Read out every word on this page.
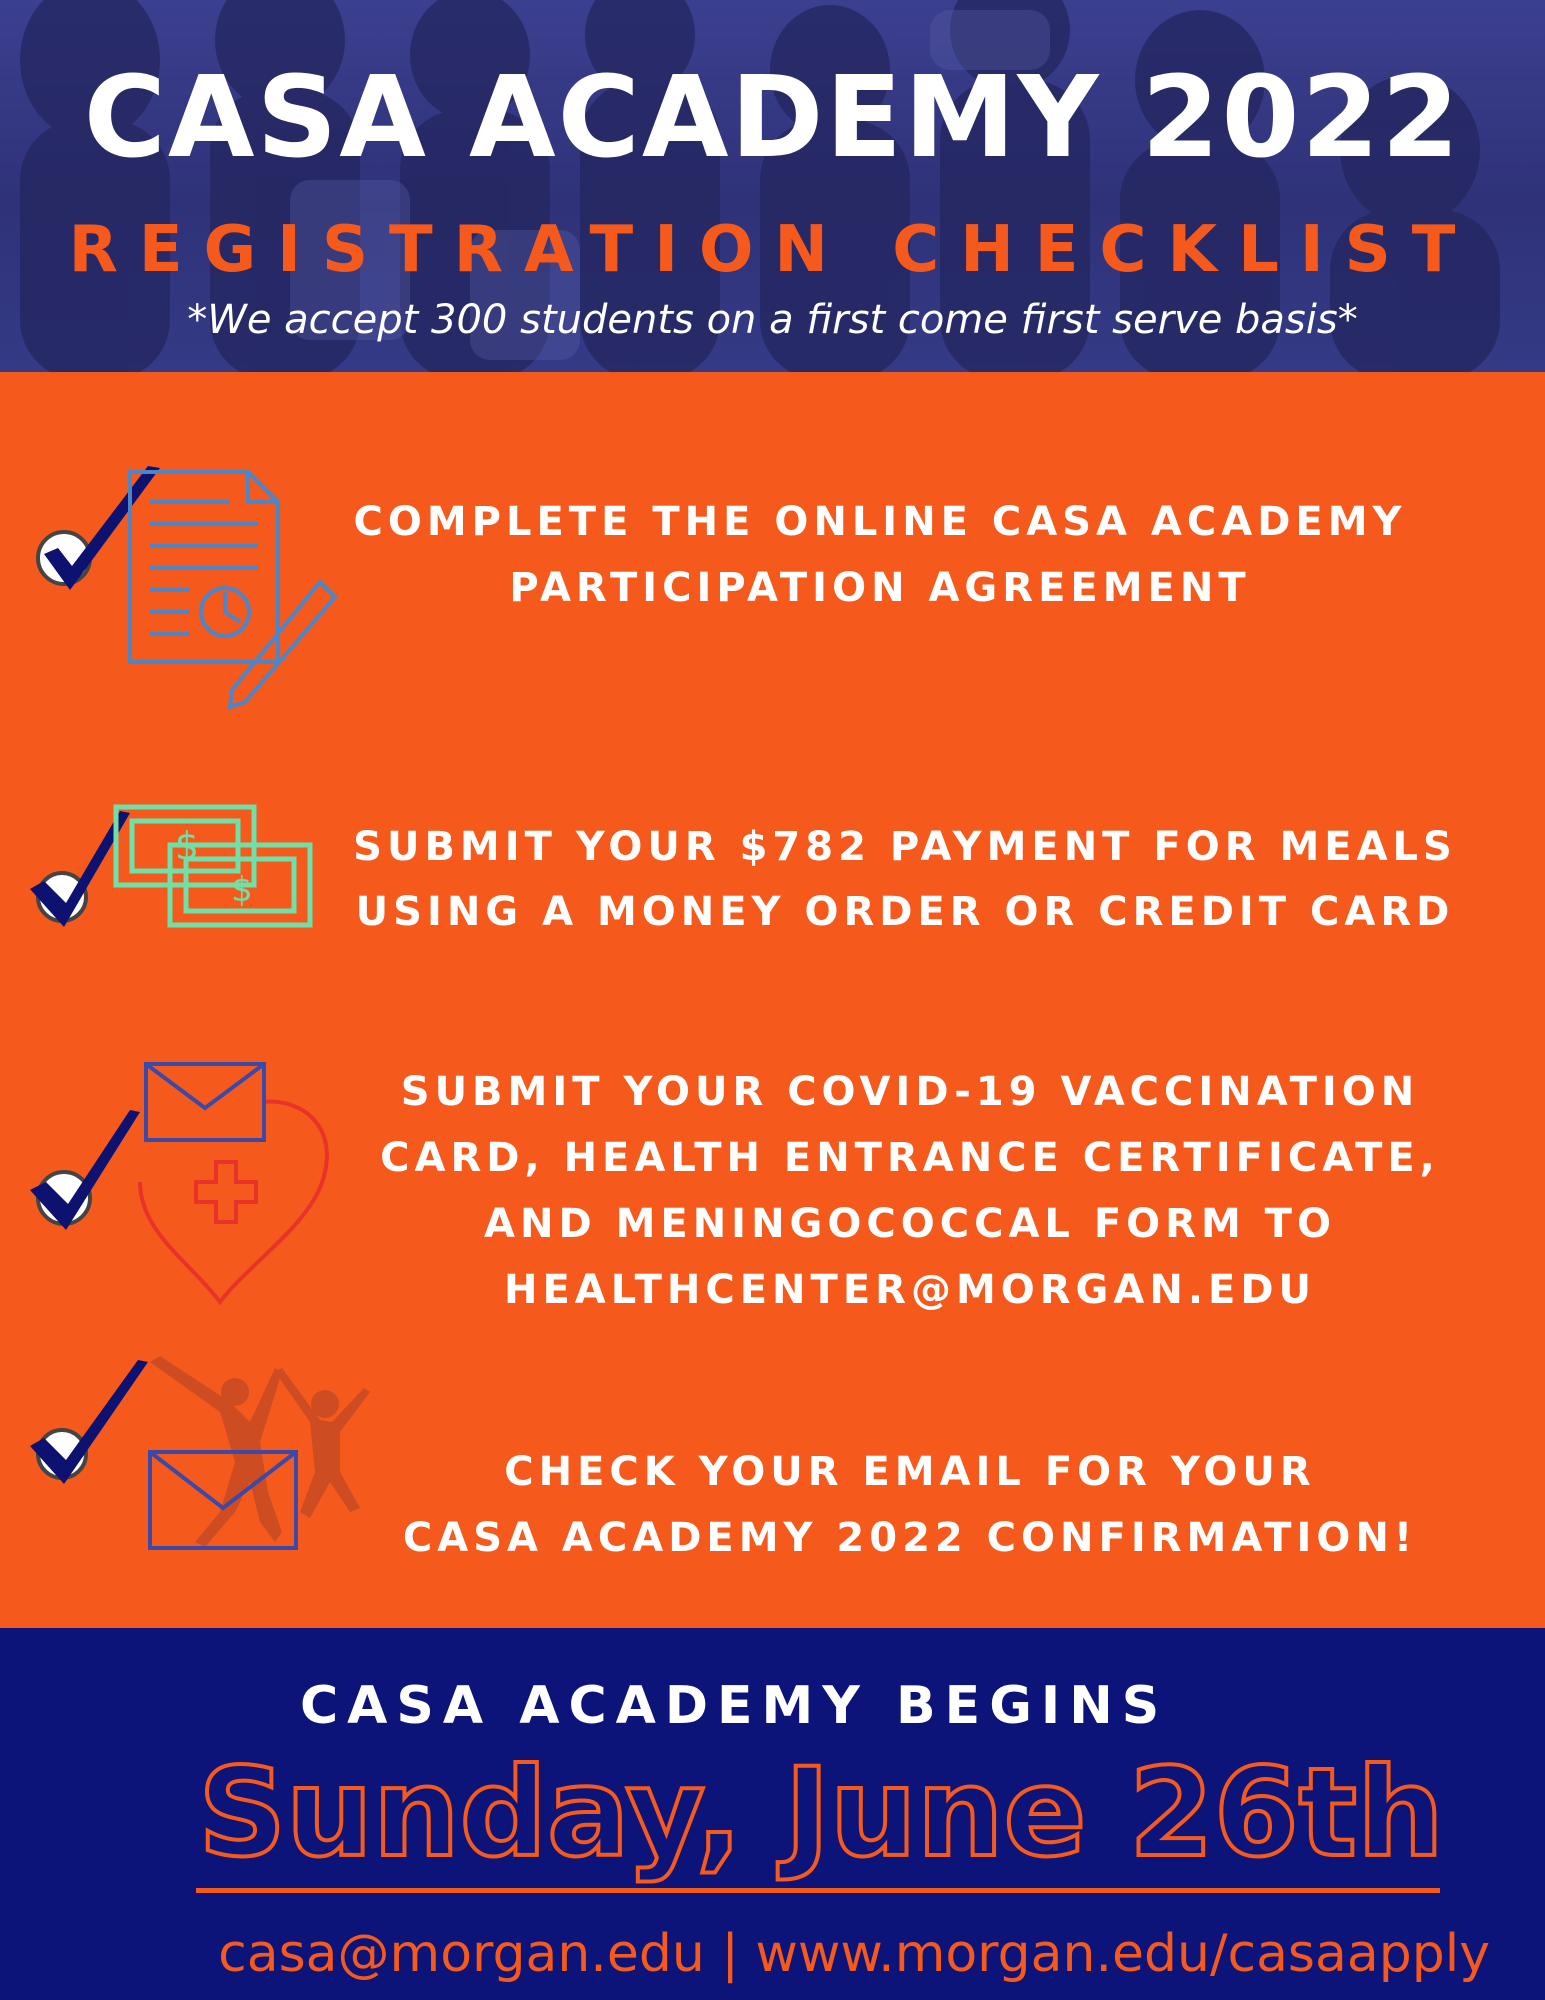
CASA ACADEMY 2022
REGISTRATION CHECKLIST
*We accept 300 students on a first come first serve basis*
COMPLETE THE ONLINE CASA ACADEMY
PARTICIPATION AGREEMENT
$
$
SUBMIT YOUR $782 PAYMENT FOR MEALS
USING A MONEY ORDER OR CREDIT CARD
SUBMIT YOUR COVID-19 VACCINATION
CARD, HEALTH ENTRANCE CERTIFICATE,
AND MENINGOCOCCAL FORM TO
HEALTHCENTER@MORGAN.EDU
CHECK YOUR EMAIL FOR YOUR
CASA ACADEMY 2022 CONFIRMATION!
CASA ACADEMY BEGINS
Sunday, June 26th
casa@morgan.edu | www.morgan.edu/casaapply
